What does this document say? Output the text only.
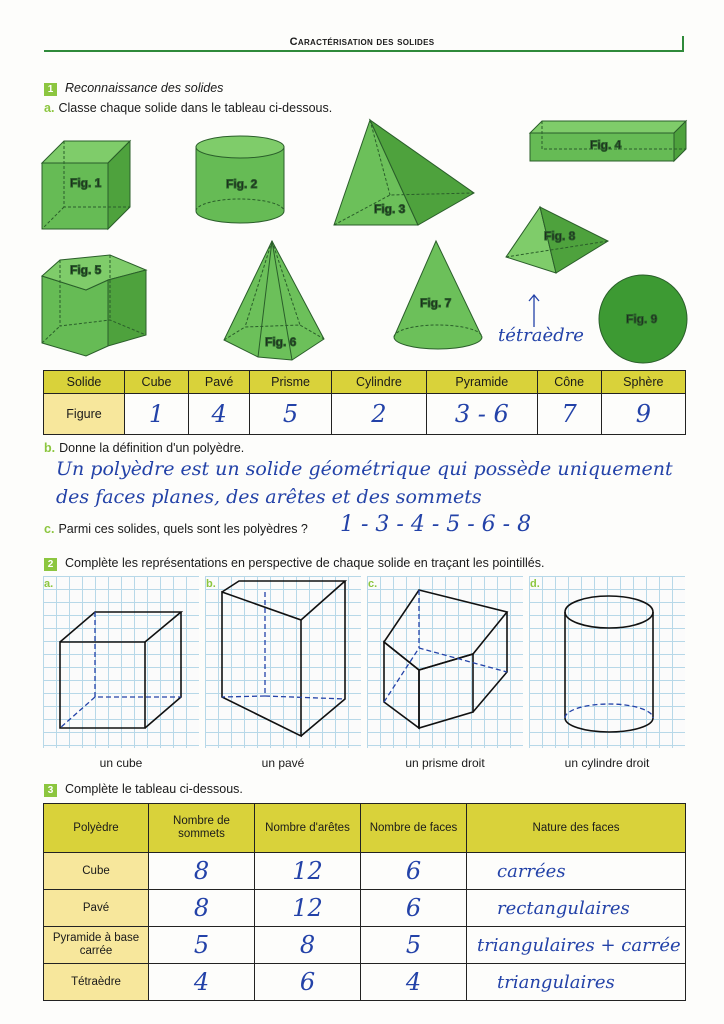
Caractérisation des solides
1 Reconnaissance des solides
a. Classe chaque solide dans le tableau ci-dessous.
Fig. 1	Fig. 2
Fig. 3
Fig. 4
Fig. 5
Fig. 6
Fig. 7
Fig. 8
Fig. 9
tétraèdre
Solide	Cube	Pavé	Prisme	Cylindre	Pyramide	Cône	Sphère
Figure	1	4	5	2	3 - 6	7	9
b. Donne la définition d'un polyèdre.
Un polyèdre est un solide géométrique qui possède uniquement
des faces planes, des arêtes et des sommets
c. Parmi ces solides, quels sont les polyèdres ? 1 - 3 - 4 - 5 - 6 - 8
2 Complète les représentations en perspective de chaque solide en traçant les pointillés.
a.	b.	c.	d.
un cube	un pavé	un prisme droit	un cylindre droit
3 Complète le tableau ci-dessous.
Polyèdre	Nombre de sommets	Nombre d'arêtes	Nombre de faces	Nature des faces
Cube	8	12	6	carrées
Pavé	8	12	6	rectangulaires
Pyramide à base carrée	5	8	5	triangulaires + carrée
Tétraèdre	4	6	4	triangulaires
